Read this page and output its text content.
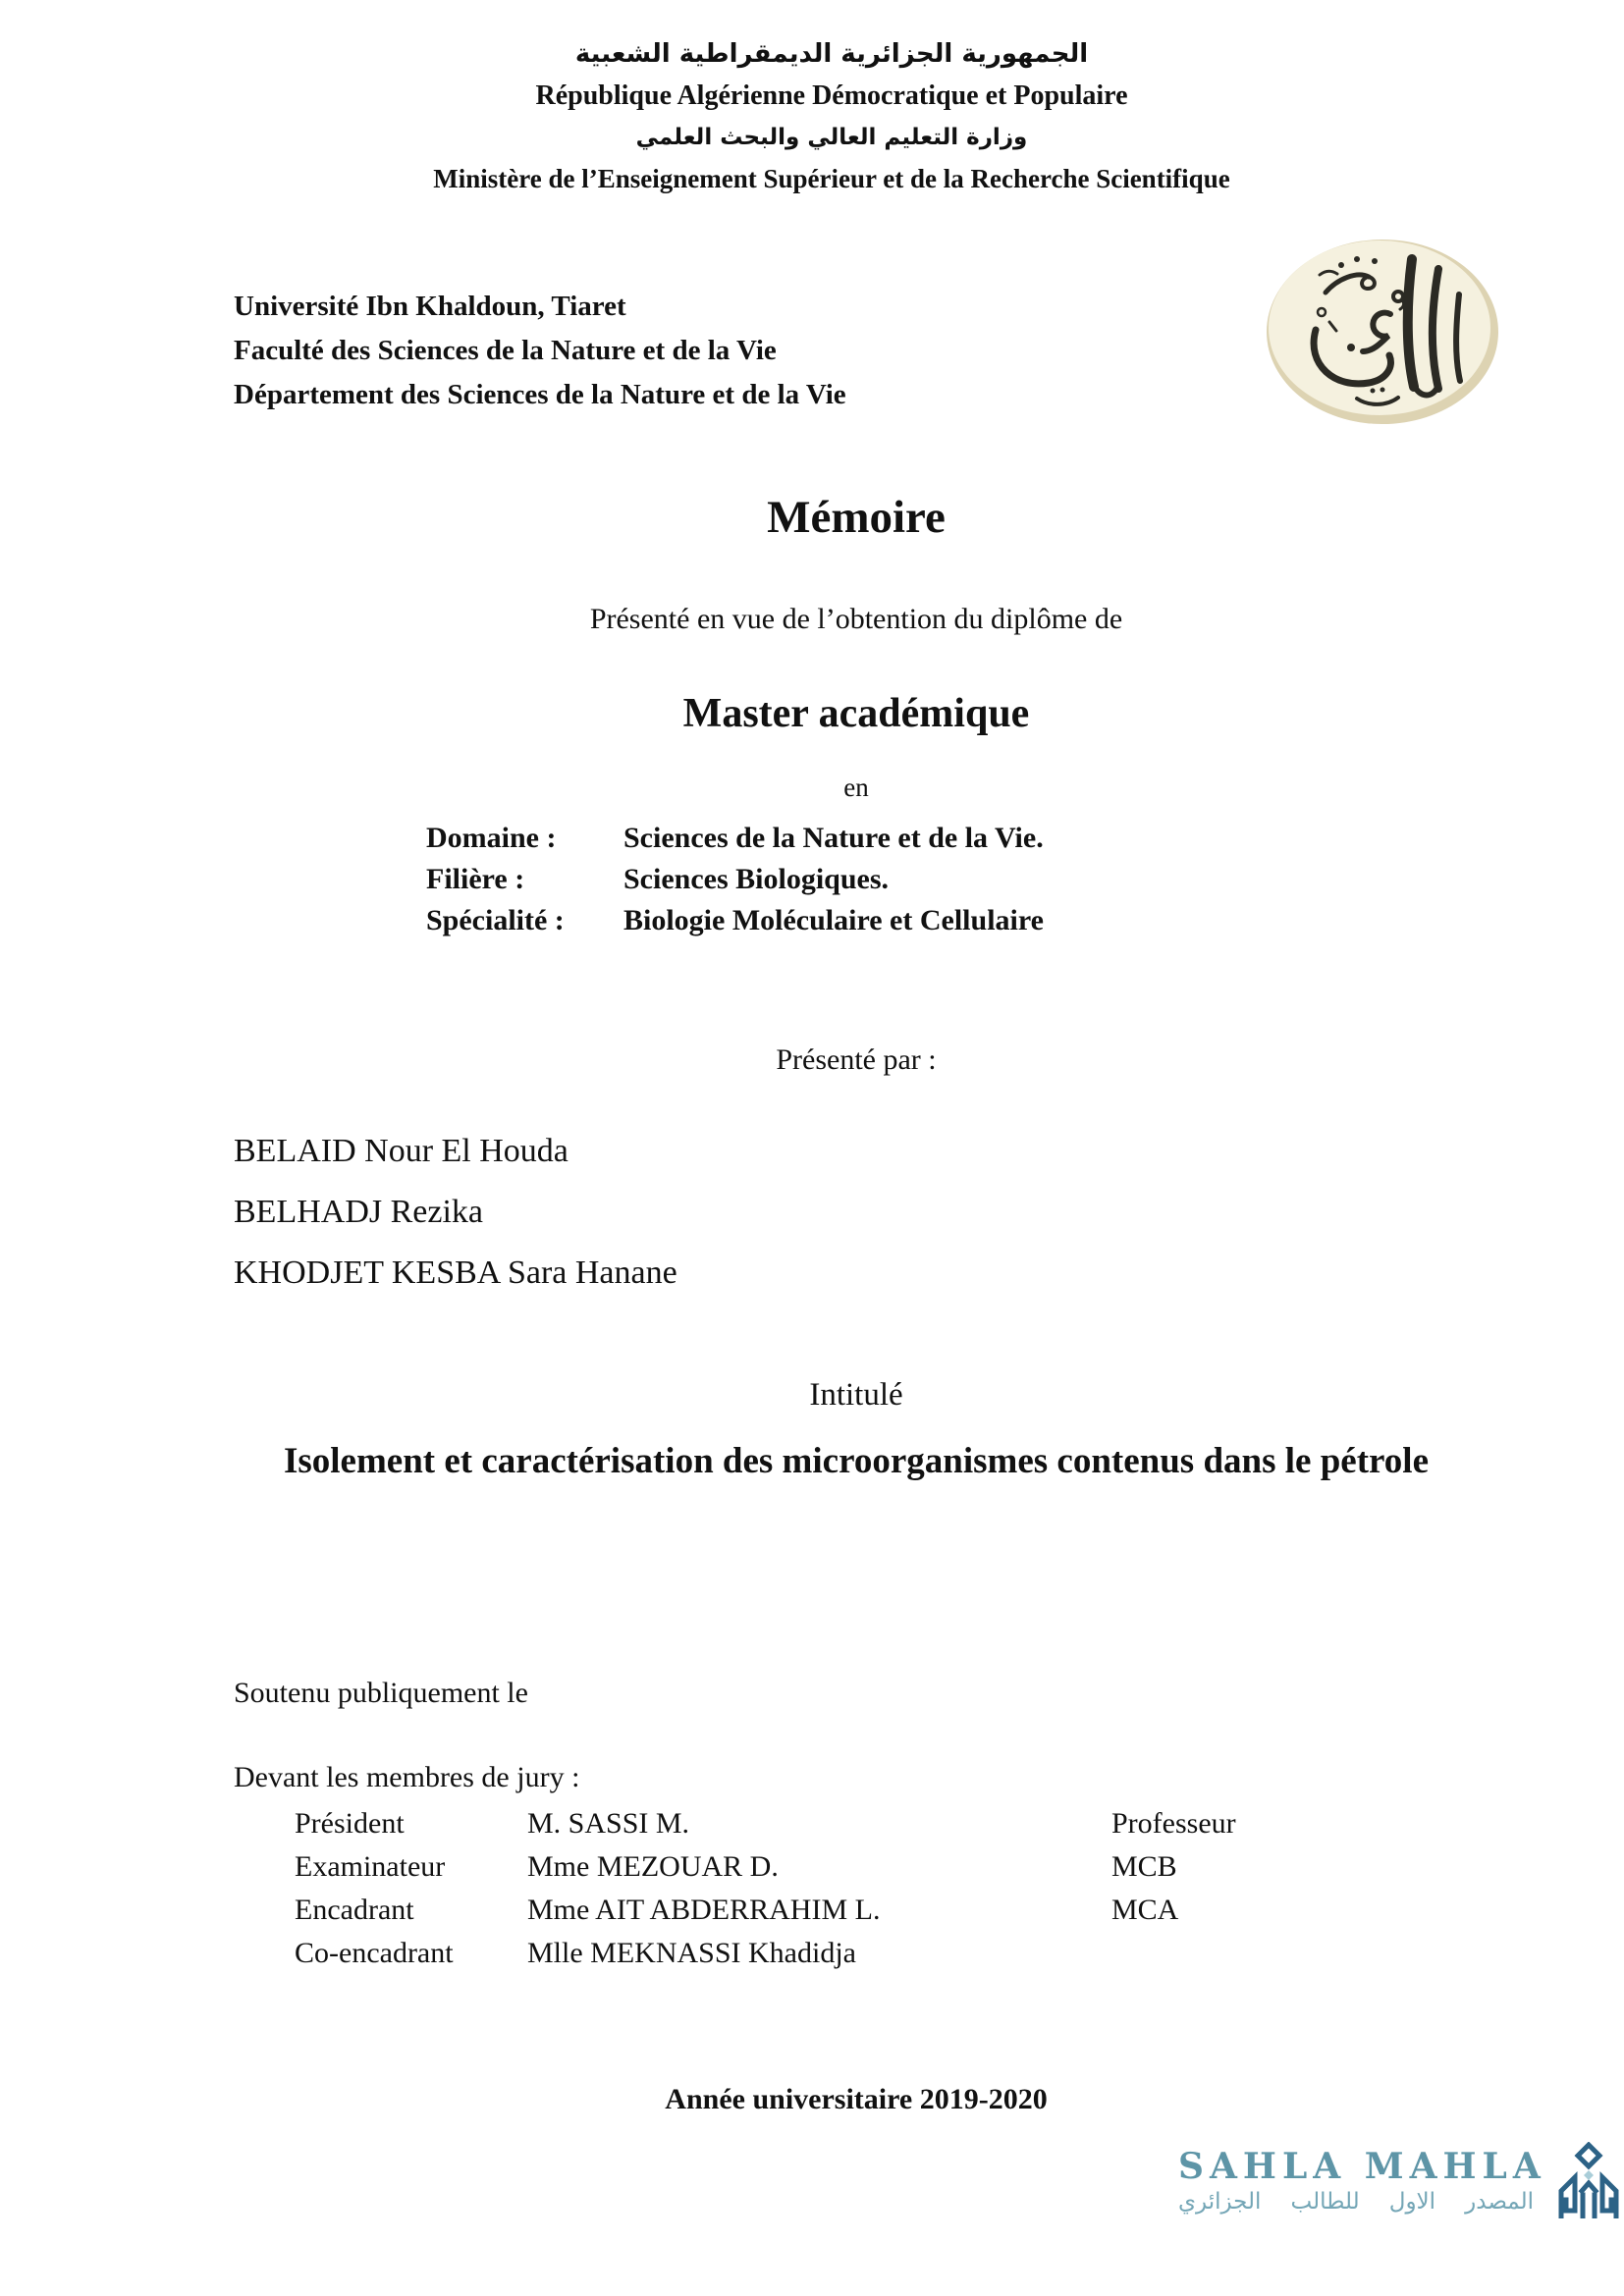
الجمهورية الجزائرية الديمقراطية الشعبية
République Algérienne Démocratique et Populaire
وزارة التعليم العالي والبحث العلمي
Ministère de l’Enseignement Supérieur et de la Recherche Scientifique
Université Ibn Khaldoun, Tiaret
Faculté des Sciences de la Nature et de la Vie
Département des Sciences de la Nature et de la Vie
Mémoire
Présenté en vue de l’obtention du diplôme de
Master académique
en
Domaine :	Sciences de la Nature et de la Vie.
Filière :	Sciences Biologiques.
Spécialité :	Biologie Moléculaire et Cellulaire
Présenté par :
BELAID Nour El Houda
BELHADJ Rezika
KHODJET KESBA Sara Hanane
Intitulé
Isolement et caractérisation des microorganismes contenus dans le pétrole
Soutenu publiquement le
Devant les membres de jury :
Président	M. SASSI M.	Professeur
Examinateur	Mme MEZOUAR D.	MCB
Encadrant	Mme AIT ABDERRAHIM L.	MCA
Co-encadrant	Mlle MEKNASSI Khadidja
Année universitaire 2019-2020
SAHLA MAHLA
المصدر الاول للطالب الجزائري
